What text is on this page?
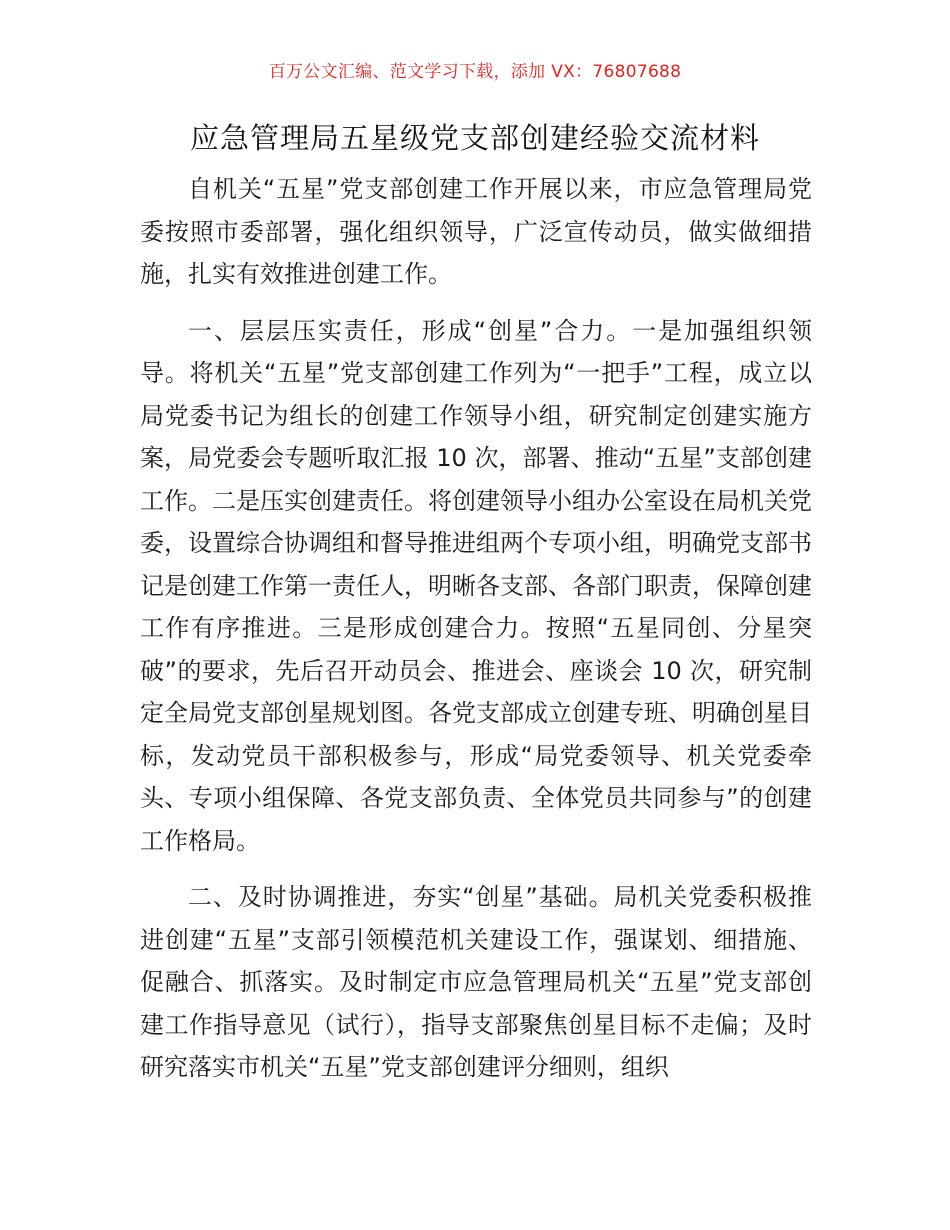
百万公文汇编、范文学习下载，添加 VX：76807688
应急管理局五星级党支部创建经验交流材料

自机关“五星”党支部创建工作开展以来，市应急管理局党委按照市委部署，强化组织领导，广泛宣传动员，做实做细措施，扎实有效推进创建工作。

一、层层压实责任，形成“创星”合力。一是加强组织领导。将机关“五星”党支部创建工作列为“一把手”工程，成立以局党委书记为组长的创建工作领导小组，研究制定创建实施方案，局党委会专题听取汇报 10 次，部署、推动“五星”支部创建工作。二是压实创建责任。将创建领导小组办公室设在局机关党委，设置综合协调组和督导推进组两个专项小组，明确党支部书记是创建工作第一责任人，明晰各支部、各部门职责，保障创建工作有序推进。三是形成创建合力。按照“五星同创、分星突破”的要求，先后召开动员会、推进会、座谈会 10 次，研究制定全局党支部创星规划图。各党支部成立创建专班、明确创星目标，发动党员干部积极参与，形成“局党委领导、机关党委牵头、专项小组保障、各党支部负责、全体党员共同参与”的创建工作格局。

二、及时协调推进，夯实“创星”基础。局机关党委积极推进创建“五星”支部引领模范机关建设工作，强谋划、细措施、促融合、抓落实。及时制定市应急管理局机关“五星”党支部创建工作指导意见（试行），指导支部聚焦创星目标不走偏；及时研究落实市机关“五星”党支部创建评分细则，组织
